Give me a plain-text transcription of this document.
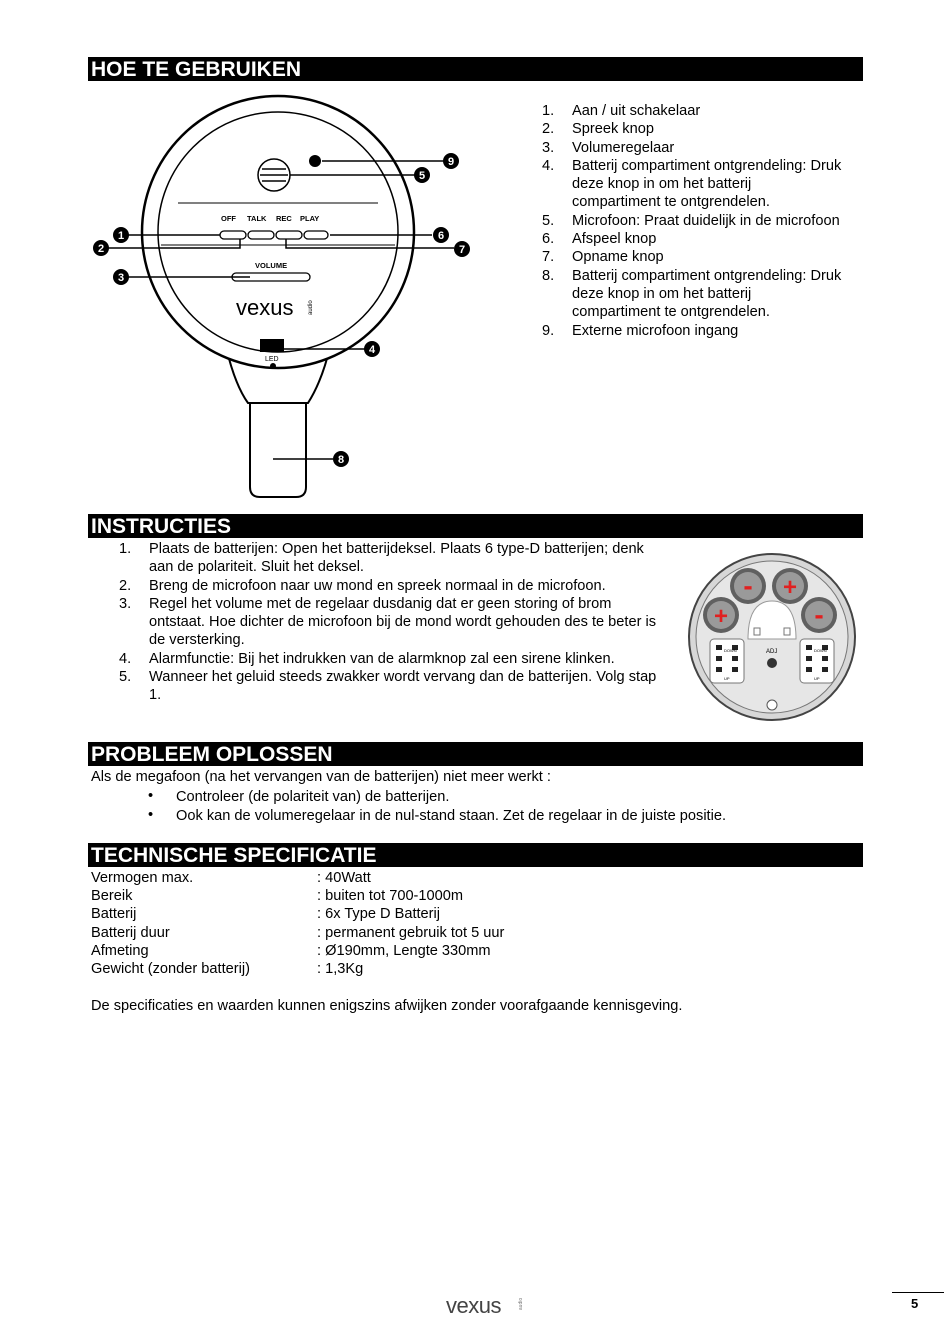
HOE TE GEBRUIKEN
OFF TALK REC PLAY
VOLUME
vexus audio
LED
1
2
3
4
5
6
7
8
9
1. Aan / uit schakelaar
2. Spreek knop
3. Volumeregelaar
4. Batterij compartiment ontgrendeling: Druk deze knop in om het batterij compartiment te ontgrendelen.
5. Microfoon: Praat duidelijk in de microfoon
6. Afspeel knop
7. Opname knop
8. Batterij compartiment ontgrendeling: Druk deze knop in om het batterij compartiment te ontgrendelen.
9. Externe microfoon ingang
INSTRUCTIES
1. Plaats de batterijen: Open het batterijdeksel. Plaats 6 type-D batterijen; denk aan de polariteit. Sluit het deksel.
2. Breng de microfoon naar uw mond en spreek normaal in de microfoon.
3. Regel het volume met de regelaar dusdanig dat er geen storing of brom ontstaat. Hoe dichter de microfoon bij de mond wordt gehouden des te beter is de versterking.
4. Alarmfunctie: Bij het indrukken van de alarmknop zal een sirene klinken.
5. Wanneer het geluid steeds zwakker wordt vervang dan de batterijen. Volg stap 1.
- +
+	-
DOWN
UP
DOWN
UP
ADJ
PROBLEEM OPLOSSEN
Als de megafoon (na het vervangen van de batterijen) niet meer werkt :
• Controleer (de polariteit van) de batterijen.
• Ook kan de volumeregelaar in de nul-stand staan. Zet de regelaar in de juiste positie.
TECHNISCHE SPECIFICATIE
Vermogen max.	: 40Watt
Bereik	: buiten tot 700-1000m
Batterij	: 6x Type D Batterij
Batterij duur	: permanent gebruik tot 5 uur
Afmeting	: Ø190mm, Lengte 330mm
Gewicht (zonder batterij)	: 1,3Kg
De specificaties en waarden kunnen enigszins afwijken zonder voorafgaande kennisgeving.
vexus	audio	5
